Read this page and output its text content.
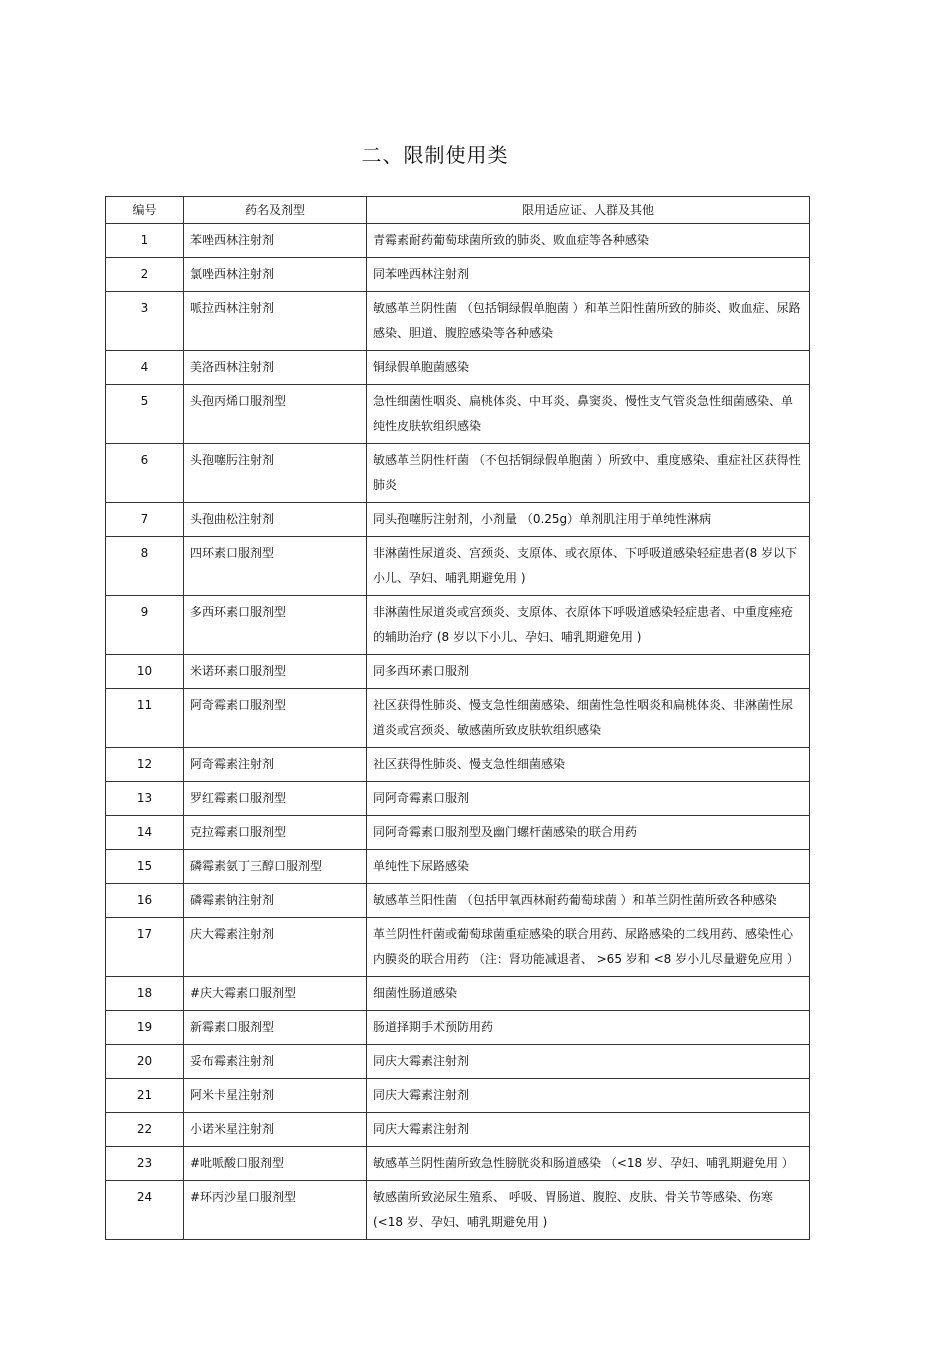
二、限制使用类
编号	药名及剂型	限用适应证、人群及其他
1	苯唑西林注射剂	青霉素耐药葡萄球菌所致的肺炎、败血症等各种感染
2	氯唑西林注射剂	同苯唑西林注射剂
3	哌拉西林注射剂	敏感革兰阴性菌 （包括铜绿假单胞菌 ）和革兰阳性菌所致的肺炎、败血症、尿路感染、胆道、腹腔感染等各种感染
4	美洛西林注射剂	铜绿假单胞菌感染
5	头孢丙烯口服剂型	急性细菌性咽炎、扁桃体炎、中耳炎、鼻窦炎、慢性支气管炎急性细菌感染、单纯性皮肤软组织感染
6	头孢噻肟注射剂	敏感革兰阴性杆菌 （不包括铜绿假单胞菌 ）所致中、重度感染、重症社区获得性肺炎
7	头孢曲松注射剂	同头孢噻肟注射剂，小剂量 （0.25g）单剂肌注用于单纯性淋病
8	四环素口服剂型	非淋菌性尿道炎、宫颈炎、支原体、或衣原体、下呼吸道感染轻症患者(8 岁以下小儿、孕妇、哺乳期避免用 )
9	多西环素口服剂型	非淋菌性尿道炎或宫颈炎、支原体、衣原体下呼吸道感染轻症患者、中重度痤疮的辅助治疗 (8 岁以下小儿、孕妇、哺乳期避免用 )
10	米诺环素口服剂型	同多西环素口服剂
11	阿奇霉素口服剂型	社区获得性肺炎、慢支急性细菌感染、细菌性急性咽炎和扁桃体炎、非淋菌性尿道炎或宫颈炎、敏感菌所致皮肤软组织感染
12	阿奇霉素注射剂	社区获得性肺炎、慢支急性细菌感染
13	罗红霉素口服剂型	同阿奇霉素口服剂
14	克拉霉素口服剂型	同阿奇霉素口服剂型及幽门螺杆菌感染的联合用药
15	磷霉素氨丁三醇口服剂型	单纯性下尿路感染
16	磷霉素钠注射剂	敏感革兰阳性菌 （包括甲氧西林耐药葡萄球菌 ）和革兰阴性菌所致各种感染
17	庆大霉素注射剂	革兰阴性杆菌或葡萄球菌重症感染的联合用药、尿路感染的二线用药、感染性心内膜炎的联合用药 （注：肾功能减退者、 >65 岁和 <8 岁小儿尽量避免应用 ）
18	#庆大霉素口服剂型	细菌性肠道感染
19	新霉素口服剂型	肠道择期手术预防用药
20	妥布霉素注射剂	同庆大霉素注射剂
21	阿米卡星注射剂	同庆大霉素注射剂
22	小诺米星注射剂	同庆大霉素注射剂
23	#吡哌酸口服剂型	敏感革兰阴性菌所致急性膀胱炎和肠道感染 （<18 岁、孕妇、哺乳期避免用 ）
24	#环丙沙星口服剂型	敏感菌所致泌尿生殖系、 呼吸、胃肠道、腹腔、皮肤、骨关节等感染、伤寒 (<18 岁、孕妇、哺乳期避免用 )
